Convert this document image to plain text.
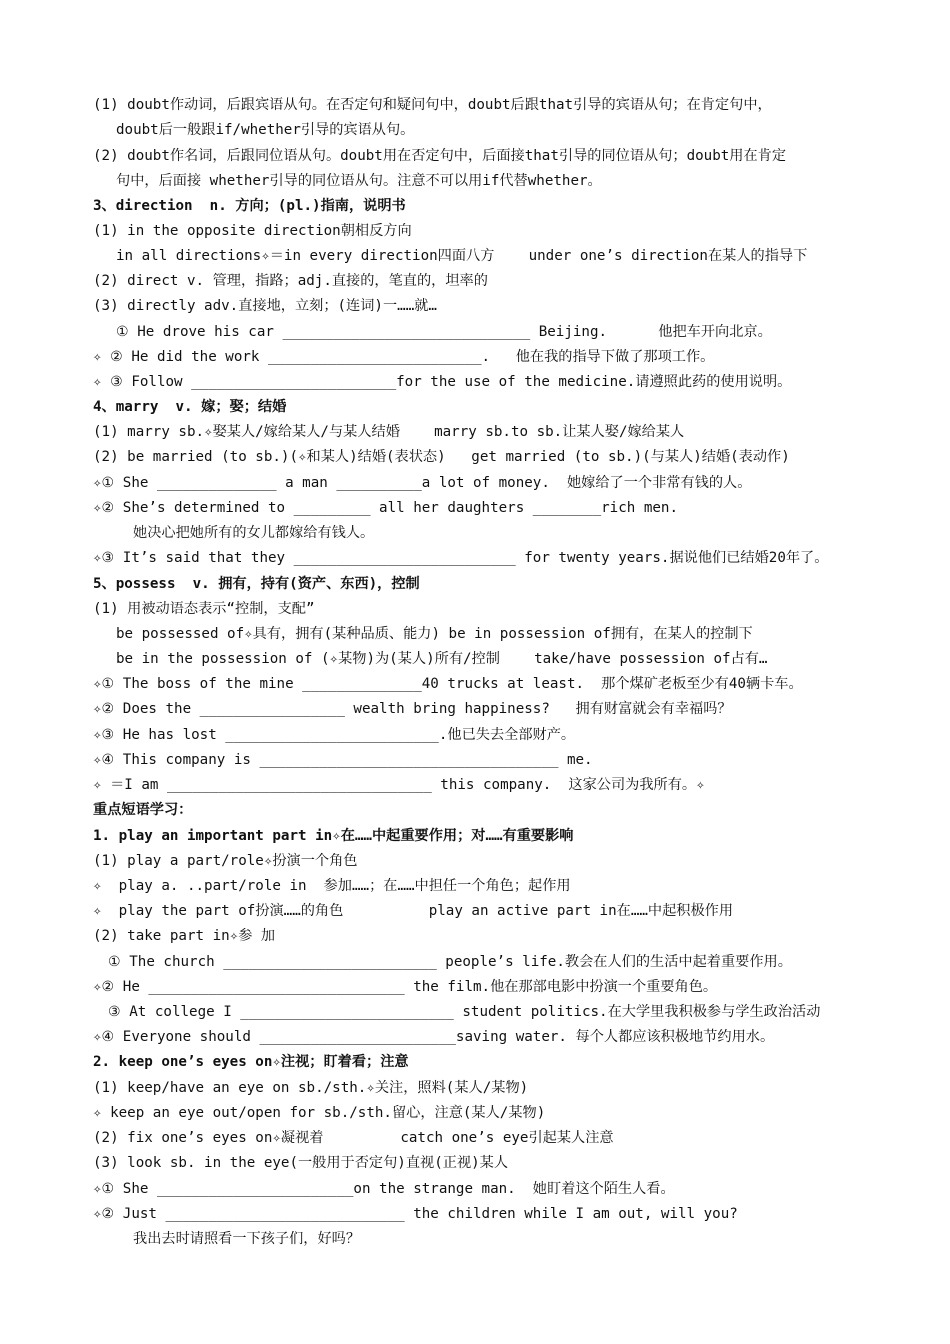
(1) doubt作动词，后跟宾语从句。在否定句和疑问句中，doubt后跟that引导的宾语从句；在肯定句中，
doubt后一般跟if/whether引导的宾语从句。
(2) doubt作名词，后跟同位语从句。doubt用在否定句中，后面接that引导的同位语从句；doubt用在肯定
句中，后面接 whether引导的同位语从句。注意不可以用if代替whether。
3、direction  n. 方向；(pl.)指南，说明书
(1) in the opposite direction朝相反方向
in all directions✧＝in every direction四面八方    under one’s direction在某人的指导下
(2) direct v. 管理，指路；adj.直接的，笔直的，坦率的
(3) directly adv.直接地，立刻；(连词)一……就…
① He drove his car _____________________________ Beijing.      他把车开向北京。
✧ ② He did the work _________________________.   他在我的指导下做了那项工作。
✧ ③ Follow ________________________for the use of the medicine.请遵照此药的使用说明。
4、marry  v. 嫁；娶；结婚
(1) marry sb.✧娶某人/嫁给某人/与某人结婚    marry sb.to sb.让某人娶/嫁给某人
(2) be married (to sb.)(✧和某人)结婚(表状态)   get married (to sb.)(与某人)结婚(表动作)
✧① She ______________ a man __________a lot of money.  她嫁给了一个非常有钱的人。
✧② She’s determined to _________ all her daughters ________rich men.
她决心把她所有的女儿都嫁给有钱人。
✧③ It’s said that they __________________________ for twenty years.据说他们已结婚20年了。
5、possess  v. 拥有，持有(资产、东西)，控制
(1) 用被动语态表示“控制，支配”
be possessed of✧具有，拥有(某种品质、能力) be in possession of拥有，在某人的控制下
be in the possession of (✧某物)为(某人)所有/控制    take/have possession of占有…
✧① The boss of the mine ______________40 trucks at least.  那个煤矿老板至少有40辆卡车。
✧② Does the _________________ wealth bring happiness?   拥有财富就会有幸福吗？
✧③ He has lost _________________________.他已失去全部财产。
✧④ This company is ___________________________________ me.
✧ ＝I am _______________________________ this company.  这家公司为我所有。✧
重点短语学习：
1. play an important part in✧在……中起重要作用；对……有重要影响
(1) play a part/role✧扮演一个角色
✧  play a. ..part/role in  参加……；在……中担任一个角色；起作用
✧  play the part of扮演……的角色          play an active part in在……中起积极作用
(2) take part in✧参 加
① The church _________________________ people’s life.教会在人们的生活中起着重要作用。
✧② He ______________________________ the film.他在那部电影中扮演一个重要角色。
③ At college I _________________________ student politics.在大学里我积极参与学生政治活动
✧④ Everyone should _______________________saving water. 每个人都应该积极地节约用水。
2. keep one’s eyes on✧注视；盯着看；注意
(1) keep/have an eye on sb./sth.✧关注，照料(某人/某物)
✧ keep an eye out/open for sb./sth.留心，注意(某人/某物)
(2) fix one’s eyes on✧凝视着         catch one’s eye引起某人注意
(3) look sb. in the eye(一般用于否定句)直视(正视)某人
✧① She _______________________on the strange man.  她盯着这个陌生人看。
✧② Just ____________________________ the children while I am out, will you?
我出去时请照看一下孩子们，好吗？
